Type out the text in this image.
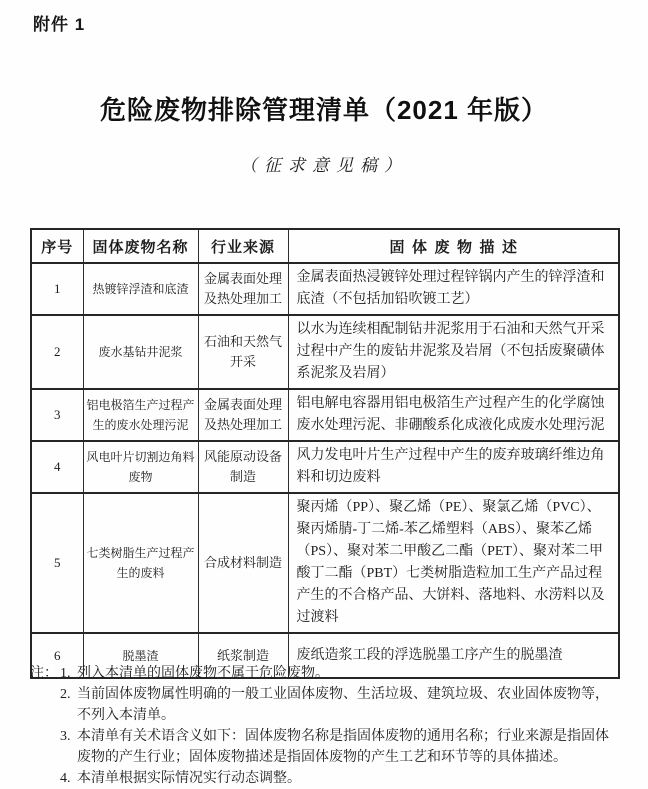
附件 1
危险废物排除管理清单（2021 年版）
（征求意见稿）
序号	固体废物名称	行业来源	固体废物描述
1	热镀锌浮渣和底渣	金属表面处理及热处理加工	金属表面热浸镀锌处理过程锌锅内产生的锌浮渣和底渣（不包括加铅吹镀工艺）
2	废水基钻井泥浆	石油和天然气开采	以水为连续相配制钻井泥浆用于石油和天然气开采过程中产生的废钻井泥浆及岩屑（不包括废聚磺体系泥浆及岩屑）
3	铝电极箔生产过程产生的废水处理污泥	金属表面处理及热处理加工	铝电解电容器用铝电极箔生产过程产生的化学腐蚀废水处理污泥、非硼酸系化成液化成废水处理污泥
4	风电叶片切割边角料废物	风能原动设备制造	风力发电叶片生产过程中产生的废弃玻璃纤维边角料和切边废料
5	七类树脂生产过程产生的废料	合成材料制造	聚丙烯（PP）、聚乙烯（PE）、聚氯乙烯（PVC）、聚丙烯腈-丁二烯-苯乙烯塑料（ABS）、聚苯乙烯（PS）、聚对苯二甲酸乙二酯（PET）、聚对苯二甲酸丁二酯（PBT）七类树脂造粒加工生产产品过程产生的不合格产品、大饼料、落地料、水涝料以及过渡料
6	脱墨渣	纸浆制造	废纸造浆工段的浮选脱墨工序产生的脱墨渣
注： 1. 列入本清单的固体废物不属于危险废物。
2. 当前固体废物属性明确的一般工业固体废物、生活垃圾、建筑垃圾、农业固体废物等，不列入本清单。
3. 本清单有关术语含义如下：固体废物名称是指固体废物的通用名称；行业来源是指固体废物的产生行业；固体废物描述是指固体废物的产生工艺和环节等的具体描述。
4. 本清单根据实际情况实行动态调整。
